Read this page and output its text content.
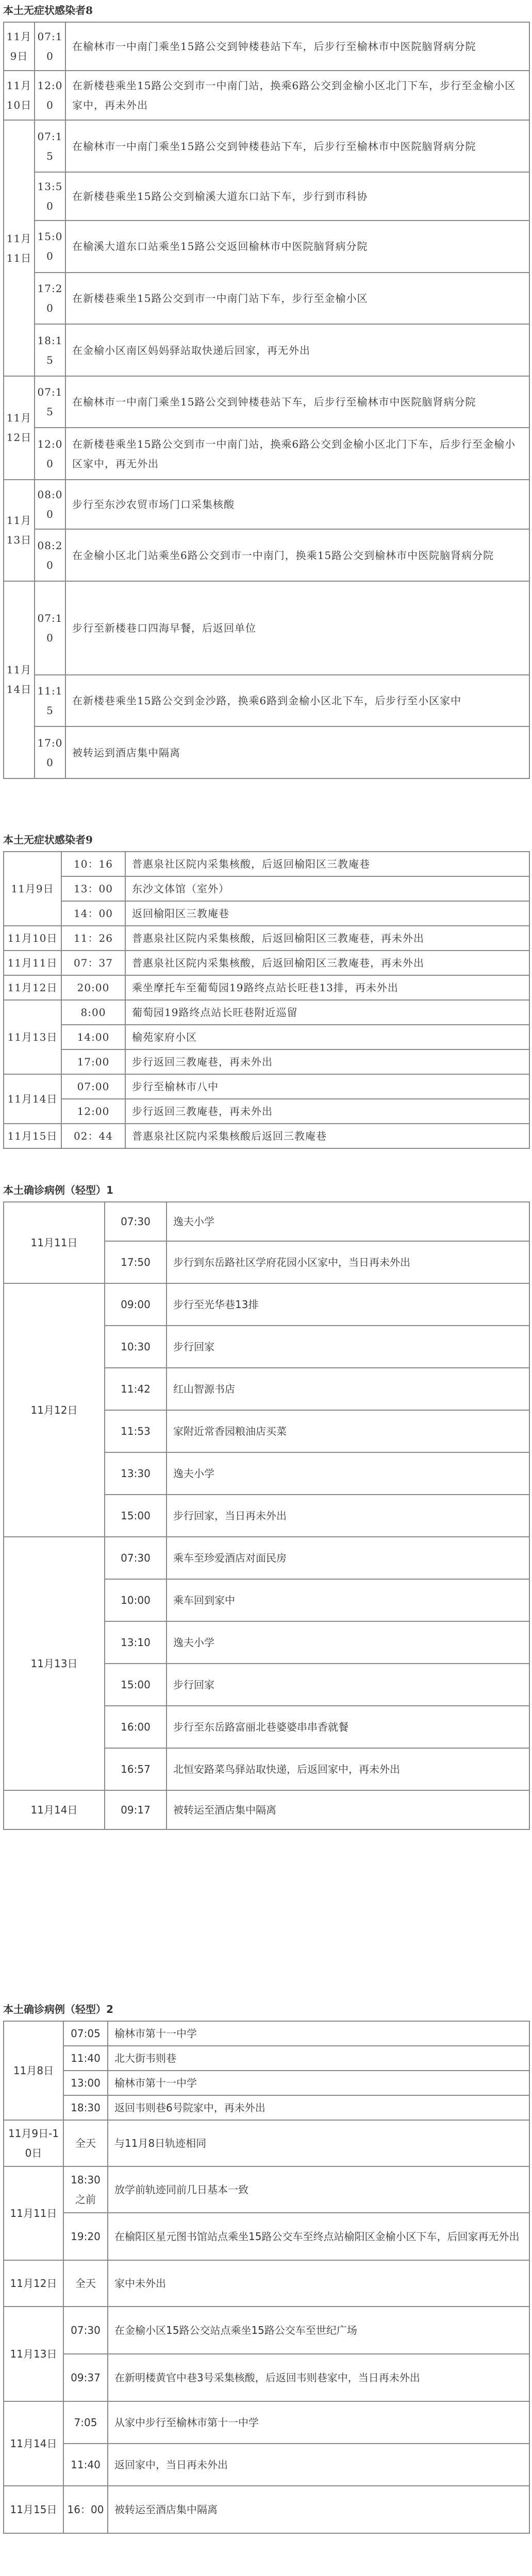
本土无症状感染者8
11月9日	07:10	在榆林市一中南门乘坐15路公交到钟楼巷站下车，后步行至榆林市中医院脑肾病分院
11月10日	12:00	在新楼巷乘坐15路公交到市一中南门站，换乘6路公交到金榆小区北门下车，步行至金榆小区家中，再未外出
11月11日	07:15	在榆林市一中南门乘坐15路公交到钟楼巷站下车，后步行至榆林市中医院脑肾病分院
	13:50	在新楼巷乘坐15路公交到榆溪大道东口站下车，步行到市科协
	15:00	在榆溪大道东口站乘坐15路公交返回榆林市中医院脑肾病分院
	17:20	在新楼巷乘坐15路公交到市一中南门站下车，步行至金榆小区
	18:15	在金榆小区南区妈妈驿站取快递后回家，再无外出
11月12日	07:15	在榆林市一中南门乘坐15路公交到钟楼巷站下车，后步行至榆林市中医院脑肾病分院
	12:00	在新楼巷乘坐15路公交到市一中南门站，换乘6路公交到金榆小区北门下车，后步行至金榆小区家中，再无外出
11月13日	08:00	步行至东沙农贸市场门口采集核酸
	08:20	在金榆小区北门站乘坐6路公交到市一中南门，换乘15路公交到榆林市中医院脑肾病分院
11月14日	07:10	步行至新楼巷口四海早餐，后返回单位
	11:15	在新楼巷乘坐15路公交到金沙路，换乘6路到金榆小区北下车，后步行至小区家中
	17:00	被转运到酒店集中隔离
本土无症状感染者9
11月9日	10：16	普惠泉社区院内采集核酸，后返回榆阳区三教庵巷
	13：00	东沙文体馆（室外）
	14：00	返回榆阳区三教庵巷
11月10日	11：26	普惠泉社区院内采集核酸，后返回榆阳区三教庵巷，再未外出
11月11日	07：37	普惠泉社区院内采集核酸，后返回榆阳区三教庵巷，再未外出
11月12日	20:00	乘坐摩托车至葡萄园19路终点站长旺巷13排，再未外出
11月13日	8:00	葡萄园19路终点站长旺巷附近巡留
	14:00	榆苑家府小区
	17:00	步行返回三教庵巷，再未外出
11月14日	07:00	步行至榆林市八中
	12:00	步行返回三教庵巷，再未外出
11月15日	02：44	普惠泉社区院内采集核酸后返回三教庵巷
本土确诊病例（轻型）1
11月11日	07:30	逸夫小学
	17:50	步行到东岳路社区学府花园小区家中，当日再未外出
11月12日	09:00	步行至光华巷13排
	10:30	步行回家
	11:42	红山智源书店
	11:53	家附近常香园粮油店买菜
	13:30	逸夫小学
	15:00	步行回家，当日再未外出
11月13日	07:30	乘车至珍爱酒店对面民房
	10:00	乘车回到家中
	13:10	逸夫小学
	15:00	步行回家
	16:00	步行至东岳路富丽北巷婆婆串串香就餐
	16:57	北恒安路菜鸟驿站取快递，后返回家中，再未外出
11月14日	09:17	被转运至酒店集中隔离
本土确诊病例（轻型）2
11月8日	07:05	榆林市第十一中学
	11:40	北大街韦则巷
	13:00	榆林市第十一中学
	18:30	返回韦则巷6号院家中，再未外出
11月9日-10日	全天	与11月8日轨迹相同
11月11日	18:30之前	放学前轨迹同前几日基本一致
	19:20	在榆阳区星元图书馆站点乘坐15路公交车至终点站榆阳区金榆小区下车，后回家再无外出
11月12日	全天	家中未外出
11月13日	07:30	在金榆小区15路公交站点乘坐15路公交车至世纪广场
	09:37	在新明楼黄官中巷3号采集核酸，后返回韦则巷家中，当日再未外出
11月14日	7:05	从家中步行至榆林市第十一中学
	11:40	返回家中，当日再未外出
11月15日	16：00	被转运至酒店集中隔离
